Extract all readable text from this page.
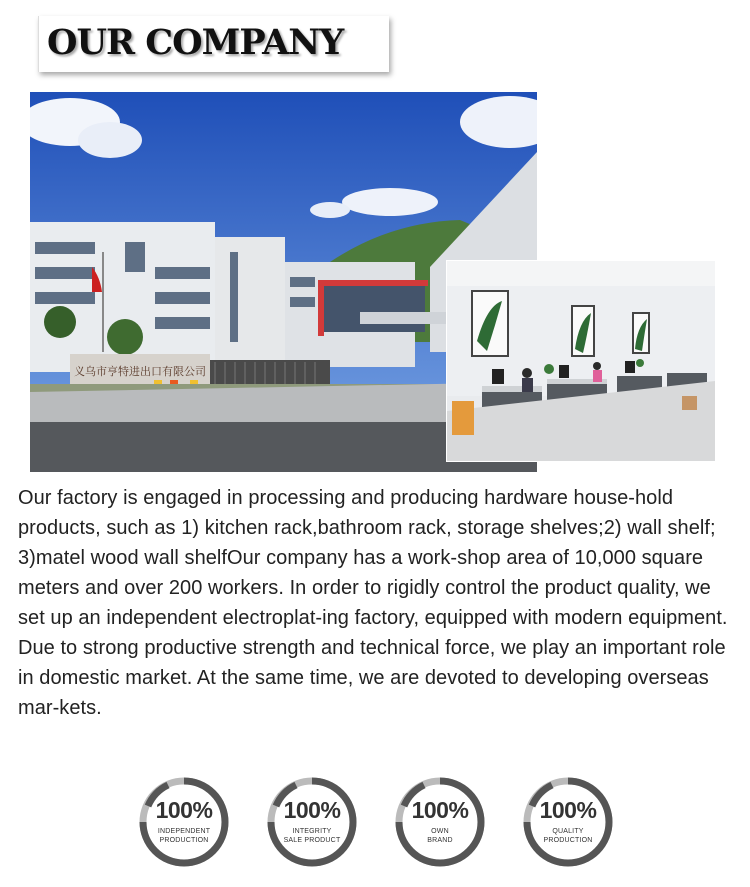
OUR COMPANY
义乌市亨特进出口有限公司
Our factory is engaged in processing and producing hardware house-hold products, such as 1) kitchen rack,bathroom rack, storage shelves;2) wall shelf; 3)matel wood wall shelfOur company has a work-shop area of 10,000 square meters and over 200 workers. In order to rigidly control the product quality, we set up an independent electroplat-ing factory, equipped with modern equipment. Due to strong productive strength and technical force, we play an important role in domestic market. At the same time, we are devoted to developing overseas mar-kets.
100%
INDEPENDENT
PRODUCTION
100%
INTEGRITY
SALE PRODUCT
100%
OWN
BRAND
100%
QUALITY
PRODUCTION
